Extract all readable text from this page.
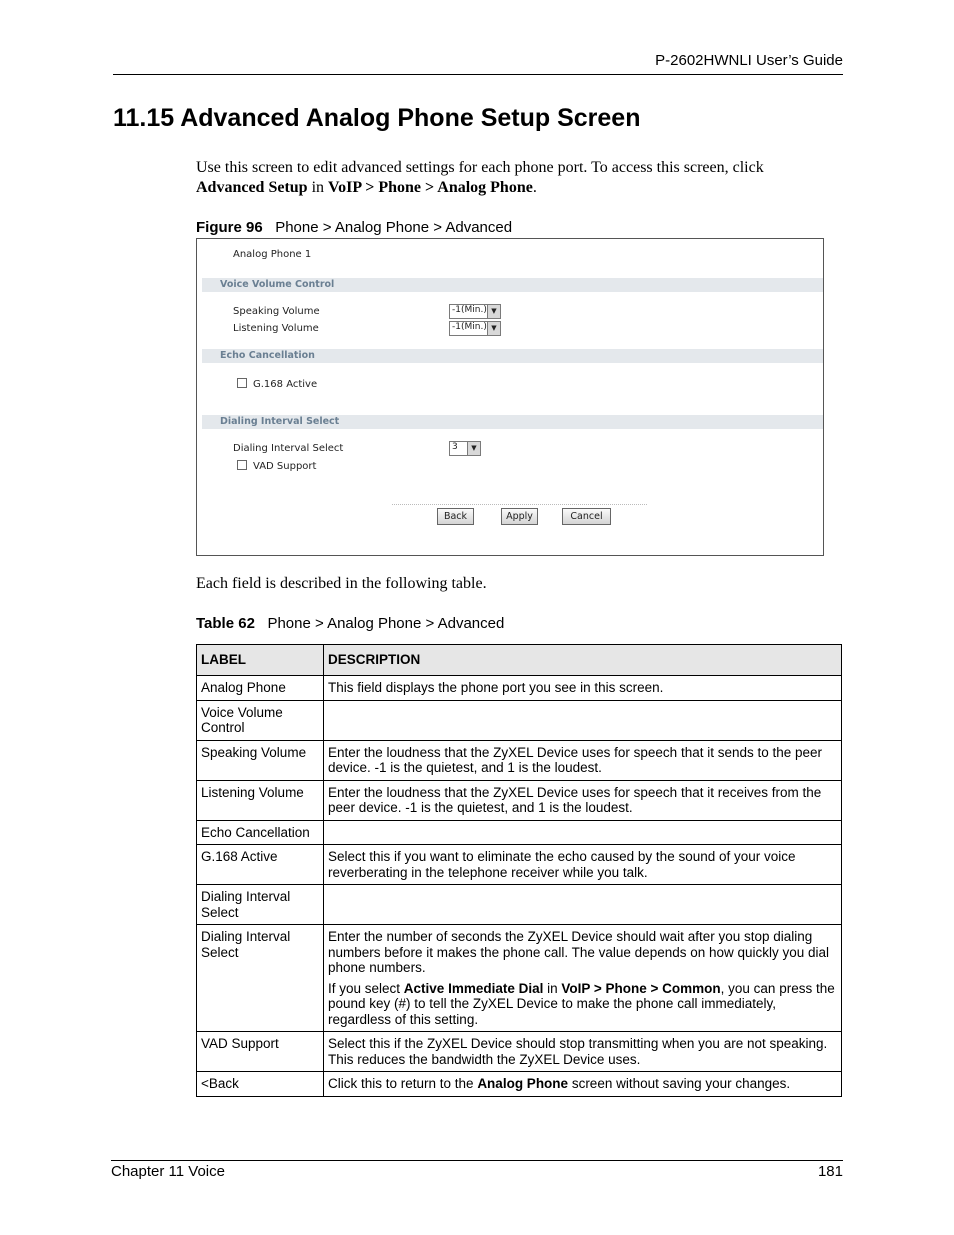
P-2602HWNLI User’s Guide
11.15 Advanced Analog Phone Setup Screen

Use this screen to edit advanced settings for each phone port. To access this screen, click Advanced Setup in VoIP > Phone > Analog Phone.

Figure 96 Phone > Analog Phone > Advanced
Analog Phone 1
Voice Volume Control
Speaking Volume	-1(Min.) ▼
Listening Volume	-1(Min.) ▼
Echo Cancellation
G.168 Active
Dialing Interval Select
Dialing Interval Select	3	▼
VAD Support
Back	Apply	Cancel
Each field is described in the following table.
Table 62 Phone > Analog Phone > Advanced
LABEL	DESCRIPTION
Analog Phone	This field displays the phone port you see in this screen.
Voice Volume Control	
Speaking Volume	Enter the loudness that the ZyXEL Device uses for speech that it sends to the peer device. -1 is the quietest, and 1 is the loudest.
Listening Volume	Enter the loudness that the ZyXEL Device uses for speech that it receives from the peer device. -1 is the quietest, and 1 is the loudest.
Echo Cancellation	
G.168 Active	Select this if you want to eliminate the echo caused by the sound of your voice reverberating in the telephone receiver while you talk.
Dialing Interval Select	
Dialing Interval Select	Enter the number of seconds the ZyXEL Device should wait after you stop dialing numbers before it makes the phone call. The value depends on how quickly you dial phone numbers.

If you select Active Immediate Dial in VoIP > Phone > Common, you can press the pound key (#) to tell the ZyXEL Device to make the phone call immediately, regardless of this setting.

VAD Support	Select this if the ZyXEL Device should stop transmitting when you are not speaking. This reduces the bandwidth the ZyXEL Device uses.
<Back	Click this to return to the Analog Phone screen without saving your changes.
Chapter 11 Voice	181
